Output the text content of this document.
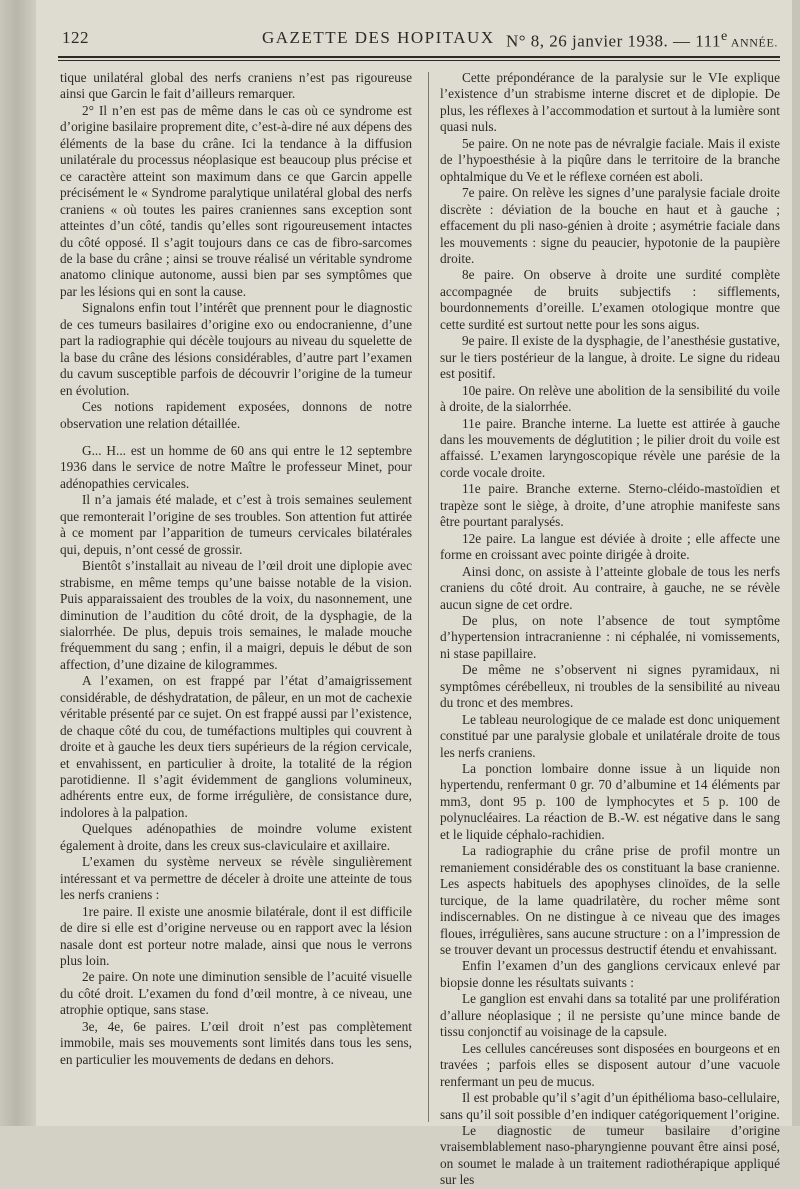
122	GAZETTE DES HOPITAUX N° 8, 26 janvier 1938. — 111e ANNÉE.

tique unilatéral global des nerfs craniens n’est pas rigoureuse ainsi que Garcin le fait d’ailleurs remarquer.

2° Il n’en est pas de même dans le cas où ce syndrome est d’origine basilaire proprement dite, c’est-à-dire né aux dépens des éléments de la base du crâne. Ici la tendance à la diffusion unilatérale du processus néoplasique est beaucoup plus précise et ce caractère atteint son maximum dans ce que Garcin appelle précisément le « Syndrome paralytique unilatéral global des nerfs craniens « où toutes les paires craniennes sans exception sont atteintes d’un côté, tandis qu’elles sont rigoureusement intactes du côté opposé. Il s’agit toujours dans ce cas de fibro-sarcomes de la base du crâne ; ainsi se trouve réalisé un véritable syndrome anatomo clinique autonome, aussi bien par ses symptômes que par les lésions qui en sont la cause.

Signalons enfin tout l’intérêt que prennent pour le diagnostic de ces tumeurs basilaires d’origine exo ou endocranienne, d’une part la radiographie qui décèle toujours au niveau du squelette de la base du crâne des lésions considérables, d’autre part l’examen du cavum susceptible parfois de découvrir l’origine de la tumeur en évolution.

Ces notions rapidement exposées, donnons de notre observation une relation détaillée.

G... H... est un homme de 60 ans qui entre le 12 septembre 1936 dans le service de notre Maître le professeur Minet, pour adénopathies cervicales.

Il n’a jamais été malade, et c’est à trois semaines seulement que remonterait l’origine de ses troubles. Son attention fut attirée à ce moment par l’apparition de tumeurs cervicales bilatérales qui, depuis, n’ont cessé de grossir.

Bientôt s’installait au niveau de l’œil droit une diplopie avec strabisme, en même temps qu’une baisse notable de la vision. Puis apparaissaient des troubles de la voix, du nasonnement, une diminution de l’audition du côté droit, de la dysphagie, de la sialorrhée. De plus, depuis trois semaines, le malade mouche fréquemment du sang ; enfin, il a maigri, depuis le début de son affection, d’une dizaine de kilogrammes.

A l’examen, on est frappé par l’état d’amaigrissement considérable, de déshydratation, de pâleur, en un mot de cachexie véritable présenté par ce sujet. On est frappé aussi par l’existence, de chaque côté du cou, de tuméfactions multiples qui couvrent à droite et à gauche les deux tiers supérieurs de la région cervicale, et envahissent, en particulier à droite, la totalité de la région parotidienne. Il s’agit évidemment de ganglions volumineux, adhérents entre eux, de forme irrégulière, de consistance dure, indolores à la palpation.

Quelques adénopathies de moindre volume existent également à droite, dans les creux sus-claviculaire et axillaire.

L’examen du système nerveux se révèle singulièrement intéressant et va permettre de déceler à droite une atteinte de tous les nerfs craniens :

1re paire. Il existe une anosmie bilatérale, dont il est difficile de dire si elle est d’origine nerveuse ou en rapport avec la lésion nasale dont est porteur notre malade, ainsi que nous le verrons plus loin.

2e paire. On note une diminution sensible de l’acuité visuelle du côté droit. L’examen du fond d’œil montre, à ce niveau, une atrophie optique, sans stase.

3e, 4e, 6e paires. L’œil droit n’est pas complètement immobile, mais ses mouvements sont limités dans tous les sens, en particulier les mouvements de dedans en dehors.

Cette prépondérance de la paralysie sur le VIe explique l’existence d’un strabisme interne discret et de diplopie. De plus, les réflexes à l’accommodation et surtout à la lumière sont quasi nuls.

5e paire. On ne note pas de névralgie faciale. Mais il existe de l’hypoesthésie à la piqûre dans le territoire de la branche ophtalmique du Ve et le réflexe cornéen est aboli.

7e paire. On relève les signes d’une paralysie faciale droite discrète : déviation de la bouche en haut et à gauche ; effacement du pli naso-génien à droite ; asymétrie faciale dans les mouvements : signe du peaucier, hypotonie de la paupière droite.

8e paire. On observe à droite une surdité complète accompagnée de bruits subjectifs : sifflements, bourdonnements d’oreille. L’examen otologique montre que cette surdité est surtout nette pour les sons aigus.

9e paire. Il existe de la dysphagie, de l’anesthésie gustative, sur le tiers postérieur de la langue, à droite. Le signe du rideau est positif.

10e paire. On relève une abolition de la sensibilité du voile à droite, de la sialorrhée.

11e paire. Branche interne. La luette est attirée à gauche dans les mouvements de déglutition ; le pilier droit du voile est affaissé. L’examen laryngoscopique révèle une parésie de la corde vocale droite.

11e paire. Branche externe. Sterno-cléido-mastoïdien et trapèze sont le siège, à droite, d’une atrophie manifeste sans être pourtant paralysés.

12e paire. La langue est déviée à droite ; elle affecte une forme en croissant avec pointe dirigée à droite.

Ainsi donc, on assiste à l’atteinte globale de tous les nerfs craniens du côté droit. Au contraire, à gauche, ne se révèle aucun signe de cet ordre.

De plus, on note l’absence de tout symptôme d’hypertension intracranienne : ni céphalée, ni vomissements, ni stase papillaire.

De même ne s’observent ni signes pyramidaux, ni symptômes cérébelleux, ni troubles de la sensibilité au niveau du tronc et des membres.

Le tableau neurologique de ce malade est donc uniquement constitué par une paralysie globale et unilatérale droite de tous les nerfs craniens.

La ponction lombaire donne issue à un liquide non hypertendu, renfermant 0 gr. 70 d’albumine et 14 éléments par mm3, dont 95 p. 100 de lymphocytes et 5 p. 100 de polynucléaires. La réaction de B.-W. est négative dans le sang et le liquide céphalo-rachidien.

La radiographie du crâne prise de profil montre un remaniement considérable des os constituant la base cranienne. Les aspects habituels des apophyses clinoïdes, de la selle turcique, de la lame quadrilatère, du rocher même sont indiscernables. On ne distingue à ce niveau que des images floues, irrégulières, sans aucune structure : on a l’impression de se trouver devant un processus destructif étendu et envahissant.

Enfin l’examen d’un des ganglions cervicaux enlevé par biopsie donne les résultats suivants :

Le ganglion est envahi dans sa totalité par une prolifération d’allure néoplasique ; il ne persiste qu’une mince bande de tissu conjonctif au voisinage de la capsule.

Les cellules cancéreuses sont disposées en bourgeons et en travées ; parfois elles se disposent autour d’une vacuole renfermant un peu de mucus.

Il est probable qu’il s’agit d’un épithélioma baso-cellulaire, sans qu’il soit possible d’en indiquer catégoriquement l’origine.

Le diagnostic de tumeur basilaire d’origine vraisemblablement naso-pharyngienne pouvant être ainsi posé, on soumet le malade à un traitement radiothérapique appliqué sur les
